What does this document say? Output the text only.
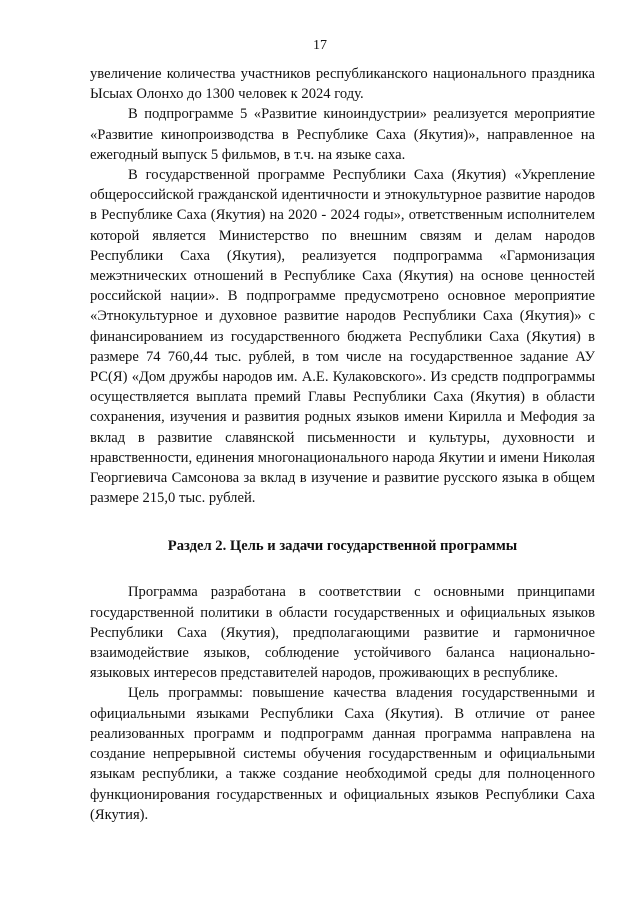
17

увеличение количества участников республиканского национального праздника Ысыах Олонхо до 1300 человек к 2024 году.

В подпрограмме 5 «Развитие киноиндустрии» реализуется мероприятие «Развитие кинопроизводства в Республике Саха (Якутия)», направленное на ежегодный выпуск 5 фильмов, в т.ч. на языке саха.

В государственной программе Республики Саха (Якутия) «Укрепление общероссийской гражданской идентичности и этнокультурное развитие народов в Республике Саха (Якутия) на 2020 - 2024 годы», ответственным исполнителем которой является Министерство по внешним связям и делам народов Республики Саха (Якутия), реализуется подпрограмма «Гармонизация межэтнических отношений в Республике Саха (Якутия) на основе ценностей российской нации». В подпрограмме предусмотрено основное мероприятие «Этнокультурное и духовное развитие народов Республики Саха (Якутия)» с финансированием из государственного бюджета Республики Саха (Якутия) в размере 74 760,44 тыс. рублей, в том числе на государственное задание АУ РС(Я) «Дом дружбы народов им. А.Е. Кулаковского». Из средств подпрограммы осуществляется выплата премий Главы Республики Саха (Якутия) в области сохранения, изучения и развития родных языков имени Кирилла и Мефодия за вклад в развитие славянской письменности и культуры, духовности и нравственности, единения многонационального народа Якутии и имени Николая Георгиевича Самсонова за вклад в изучение и развитие русского языка в общем размере 215,0 тыс. рублей.

Раздел 2. Цель и задачи государственной программы

Программа разработана в соответствии с основными принципами государственной политики в области государственных и официальных языков Республики Саха (Якутия), предполагающими развитие и гармоничное взаимодействие языков, соблюдение устойчивого баланса национально-языковых интересов представителей народов, проживающих в республике.

Цель программы: повышение качества владения государственными и официальными языками Республики Саха (Якутия). В отличие от ранее реализованных программ и подпрограмм данная программа направлена на создание непрерывной системы обучения государственным и официальными языкам республики, а также создание необходимой среды для полноценного функционирования государственных и официальных языков Республики Саха (Якутия).
